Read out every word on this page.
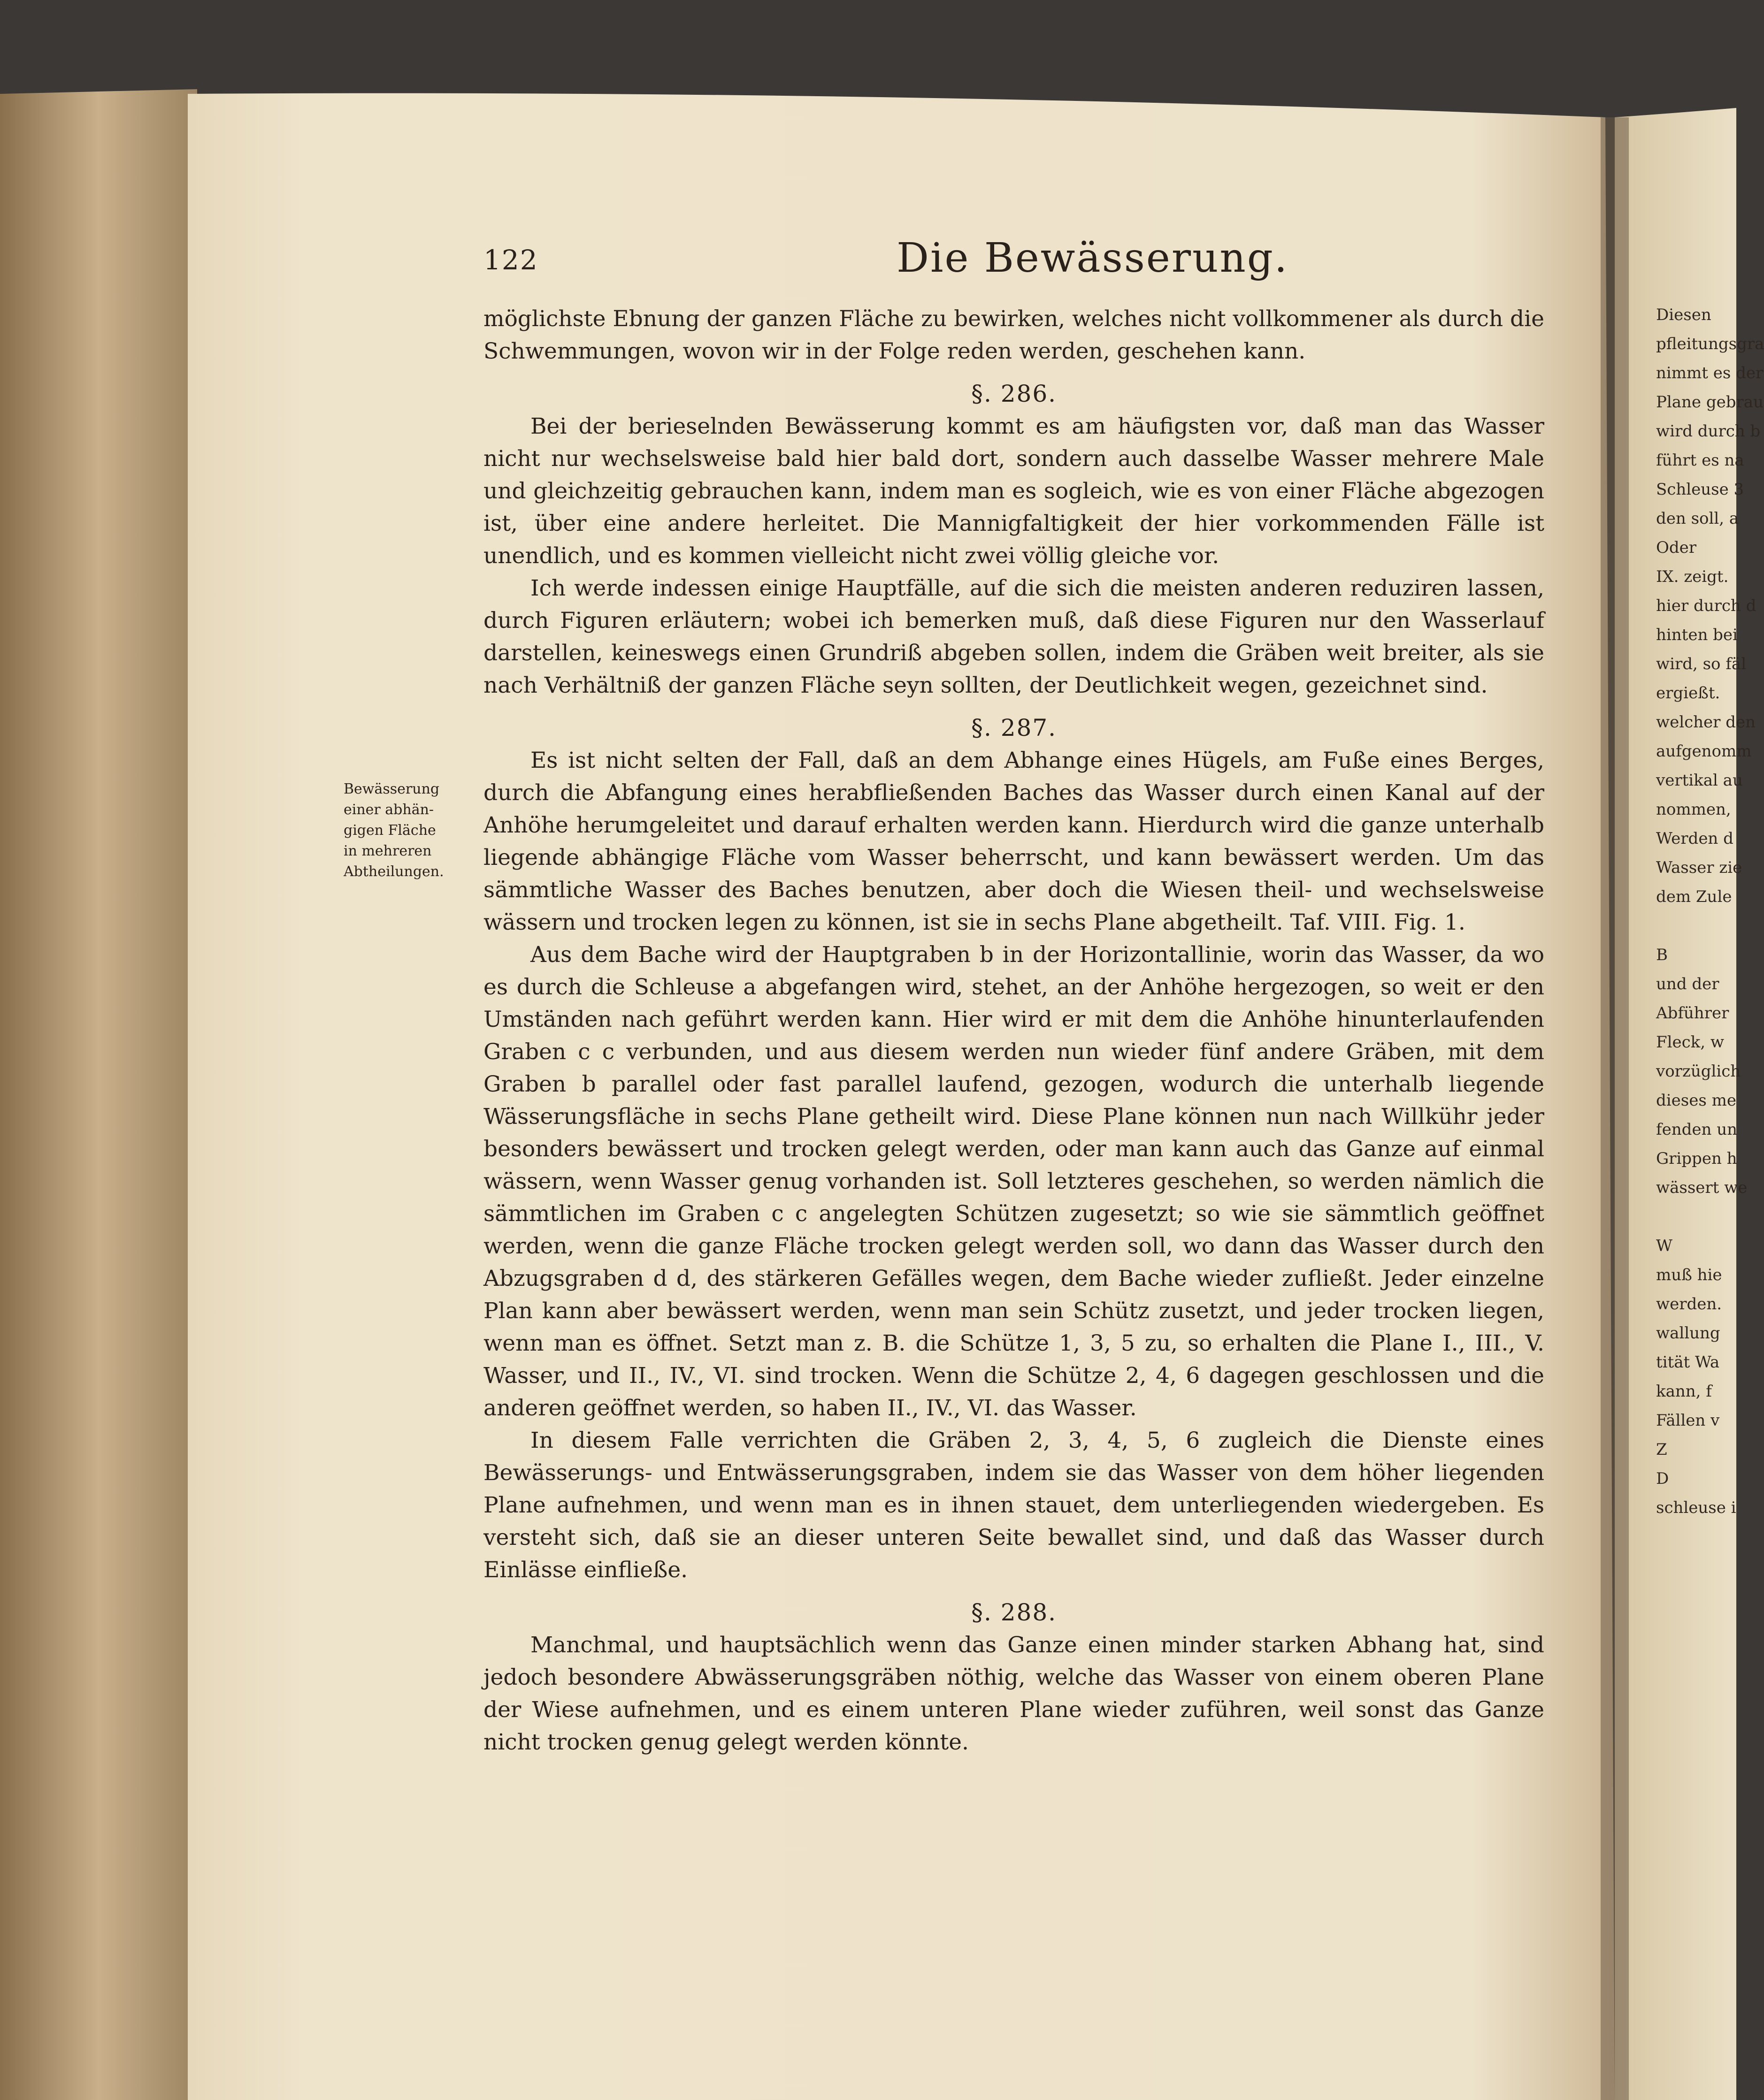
122	Die Bewässerung.
Bewässerung
einer abhän-
gigen Fläche
in mehreren
Abtheilungen.

möglichste Ebnung der ganzen Fläche zu bewirken, welches nicht vollkommener als durch die Schwemmungen, wovon wir in der Folge reden werden, geschehen kann.

§. 286.

Bei der berieselnden Bewässerung kommt es am häufigsten vor, daß man das Wasser nicht nur wechselsweise bald hier bald dort, sondern auch dasselbe Wasser mehrere Male und gleichzeitig gebrauchen kann, indem man es sogleich, wie es von einer Fläche abgezogen ist, über eine andere herleitet. Die Mannigfaltigkeit der hier vorkommenden Fälle ist unendlich, und es kommen vielleicht nicht zwei völlig gleiche vor.

Ich werde indessen einige Hauptfälle, auf die sich die meisten anderen reduziren lassen, durch Figuren erläutern; wobei ich bemerken muß, daß diese Figuren nur den Wasserlauf darstellen, keineswegs einen Grundriß abgeben sollen, indem die Gräben weit breiter, als sie nach Verhältniß der ganzen Fläche seyn sollten, der Deutlichkeit wegen, gezeichnet sind.

§. 287.

Es ist nicht selten der Fall, daß an dem Abhange eines Hügels, am Fuße eines Berges, durch die Abfangung eines herabfließenden Baches das Wasser durch einen Kanal auf der Anhöhe herumgeleitet und darauf erhalten werden kann. Hierdurch wird die ganze unterhalb liegende abhängige Fläche vom Wasser beherrscht, und kann bewässert werden. Um das sämmtliche Wasser des Baches benutzen, aber doch die Wiesen theil- und wechselsweise wässern und trocken legen zu können, ist sie in sechs Plane abgetheilt. Taf. VIII. Fig. 1.

Aus dem Bache wird der Hauptgraben b in der Horizontallinie, worin das Wasser, da wo es durch die Schleuse a abgefangen wird, stehet, an der Anhöhe hergezogen, so weit er den Umständen nach geführt werden kann. Hier wird er mit dem die Anhöhe hinunterlaufenden Graben c c verbunden, und aus diesem werden nun wieder fünf andere Gräben, mit dem Graben b parallel oder fast parallel laufend, gezogen, wodurch die unterhalb liegende Wässerungsfläche in sechs Plane getheilt wird. Diese Plane können nun nach Willkühr jeder besonders bewässert und trocken gelegt werden, oder man kann auch das Ganze auf einmal wässern, wenn Wasser genug vorhanden ist. Soll letzteres geschehen, so werden nämlich die sämmtlichen im Graben c c angelegten Schützen zugesetzt; so wie sie sämmtlich geöffnet werden, wenn die ganze Fläche trocken gelegt werden soll, wo dann das Wasser durch den Abzugsgraben d d, des stärkeren Gefälles wegen, dem Bache wieder zufließt. Jeder einzelne Plan kann aber bewässert werden, wenn man sein Schütz zusetzt, und jeder trocken liegen, wenn man es öffnet. Setzt man z. B. die Schütze 1, 3, 5 zu, so erhalten die Plane I., III., V. Wasser, und II., IV., VI. sind trocken. Wenn die Schütze 2, 4, 6 dagegen geschlossen und die anderen geöffnet werden, so haben II., IV., VI. das Wasser.

In diesem Falle verrichten die Gräben 2, 3, 4, 5, 6 zugleich die Dienste eines Bewässerungs- und Entwässerungsgraben, indem sie das Wasser von dem höher liegenden Plane aufnehmen, und wenn man es in ihnen stauet, dem unterliegenden wiedergeben. Es versteht sich, daß sie an dieser unteren Seite bewallet sind, und daß das Wasser durch Einlässe einfließe.

§. 288.

Manchmal, und hauptsächlich wenn das Ganze einen minder starken Abhang hat, sind jedoch besondere Abwässerungsgräben nöthig, welche das Wasser von einem oberen Plane der Wiese aufnehmen, und es einem unteren Plane wieder zuführen, weil sonst das Ganze nicht trocken genug gelegt werden könnte.

Diesen
pfleitungsgra
nimmt es der
Plane gebrau
wird durch b
führt es na
Schleuse 3
den soll, a
Oder
IX. zeigt.
hier durch d
hinten bei
wird, so fäl
ergießt.
welcher den
aufgenomm
vertikal au
nommen,
Werden d
Wasser zie
dem Zule

B
und der
Abführer
Fleck, w
vorzüglich
dieses me
fenden un
Grippen h
wässert we

W
muß hie
werden.
wallung
tität Wa
kann, f
Fällen v
Z
D
schleuse i
